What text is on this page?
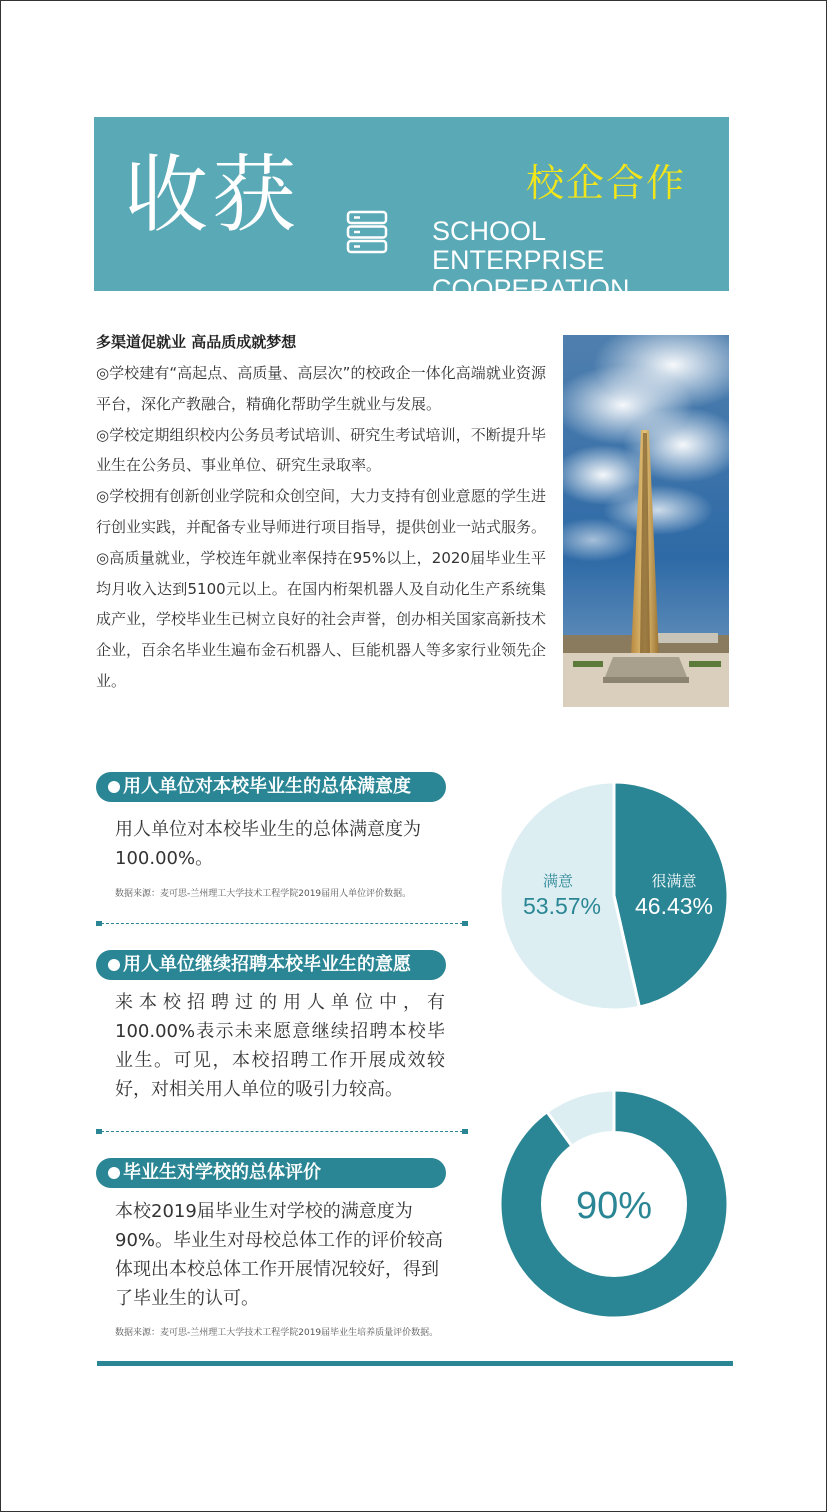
收获	校企合作
SCHOOL ENTERPRISE COOPERATION
多渠道促就业 高品质成就梦想

◎学校建有“高起点、高质量、高层次”的校政企一体化高端就业资源平台，深化产教融合，精确化帮助学生就业与发展。

◎学校定期组织校内公务员考试培训、研究生考试培训，不断提升毕业生在公务员、事业单位、研究生录取率。

◎学校拥有创新创业学院和众创空间，大力支持有创业意愿的学生进行创业实践，并配备专业导师进行项目指导，提供创业一站式服务。

◎高质量就业，学校连年就业率保持在95%以上，2020届毕业生平均月收入达到5100元以上。在国内桁架机器人及自动化生产系统集成产业，学校毕业生已树立良好的社会声誉，创办相关国家高新技术企业，百余名毕业生遍布金石机器人、巨能机器人等多家行业领先企业。

用人单位对本校毕业生的总体满意度
用人单位对本校毕业生的总体满意度为100.00%。
数据来源：麦可思-兰州理工大学技术工程学院2019届用人单位评价数据。
用人单位继续招聘本校毕业生的意愿
来本校招聘过的用人单位中，有100.00%表示未来愿意继续招聘本校毕业生。可见，本校招聘工作开展成效较好，对相关用人单位的吸引力较高。
毕业生对学校的总体评价
本校2019届毕业生对学校的满意度为90%。毕业生对母校总体工作的评价较高体现出本校总体工作开展情况较好，得到了毕业生的认可。
数据来源：麦可思-兰州理工大学技术工程学院2019届毕业生培养质量评价数据。
很满意
46.43%
满意
53.57%
90%
